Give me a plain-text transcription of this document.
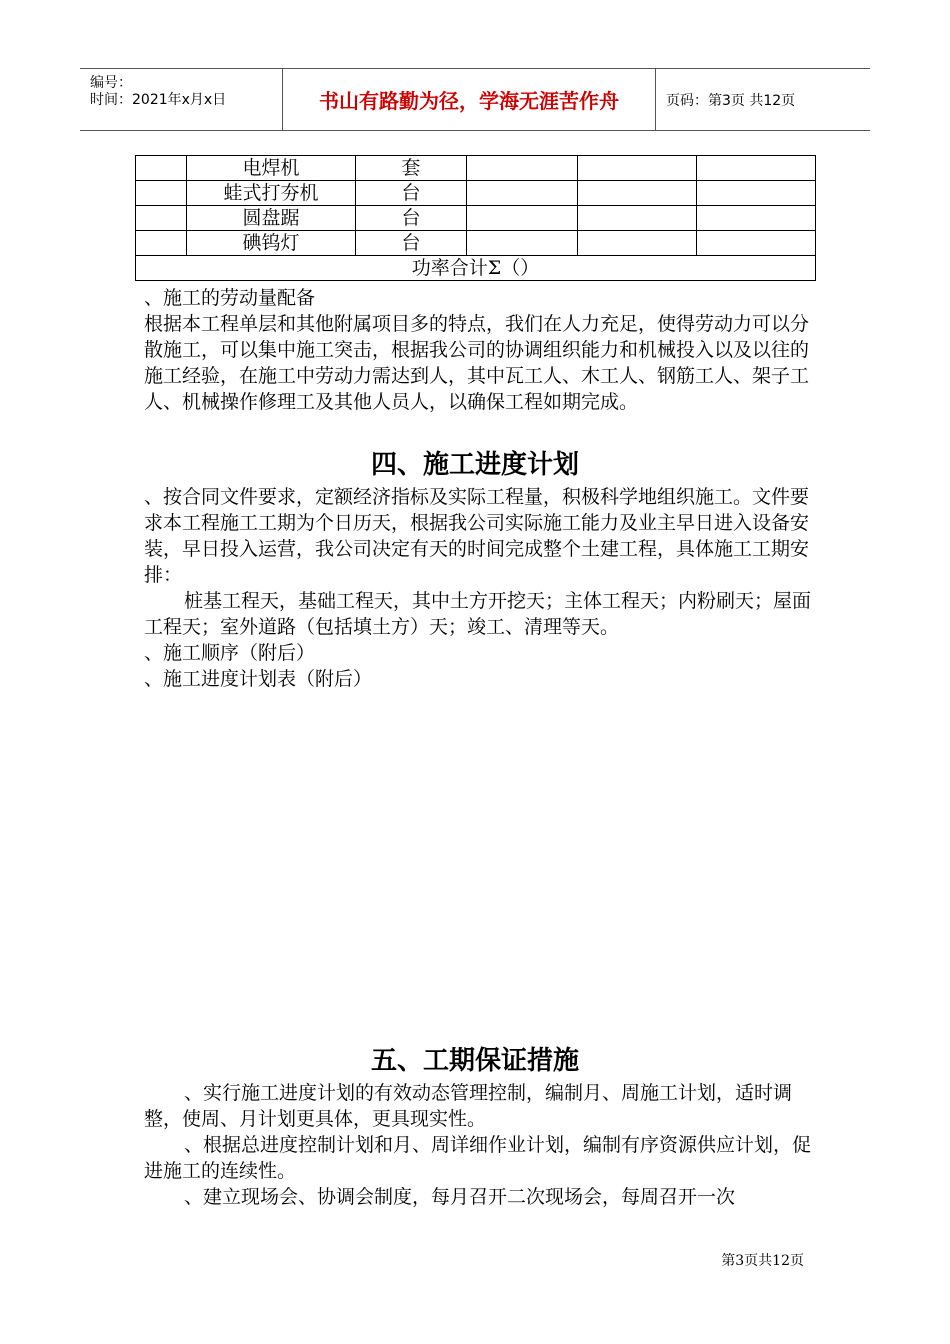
编号：
时间：2021年x月x日	书山有路勤为径，学海无涯苦作舟	页码：第3页 共12页
	电焊机	套			
	蛙式打夯机	台			
	圆盘踞	台			
	碘钨灯	台			
功率合计Σ（）					

、施工的劳动量配备

根据本工程单层和其他附属项目多的特点，我们在人力充足，使得劳动力可以分散施工，可以集中施工突击，根据我公司的协调组织能力和机械投入以及以往的施工经验，在施工中劳动力需达到人，其中瓦工人、木工人、钢筋工人、架子工人、机械操作修理工及其他人员人，以确保工程如期完成。

四、施工进度计划

、按合同文件要求，定额经济指标及实际工程量，积极科学地组织施工。文件要求本工程施工工期为个日历天，根据我公司实际施工能力及业主早日进入设备安装，早日投入运营，我公司决定有天的时间完成整个土建工程，具体施工工期安排：

桩基工程天，基础工程天，其中土方开挖天；主体工程天；内粉刷天；屋面工程天；室外道路（包括填土方）天；竣工、清理等天。

、施工顺序（附后）

、施工进度计划表（附后）

五、工期保证措施

、实行施工进度计划的有效动态管理控制，编制月、周施工计划，适时调整，使周、月计划更具体，更具现实性。

、根据总进度控制计划和月、周详细作业计划，编制有序资源供应计划，促进施工的连续性。

、建立现场会、协调会制度，每月召开二次现场会，每周召开一次

第3页共12页
